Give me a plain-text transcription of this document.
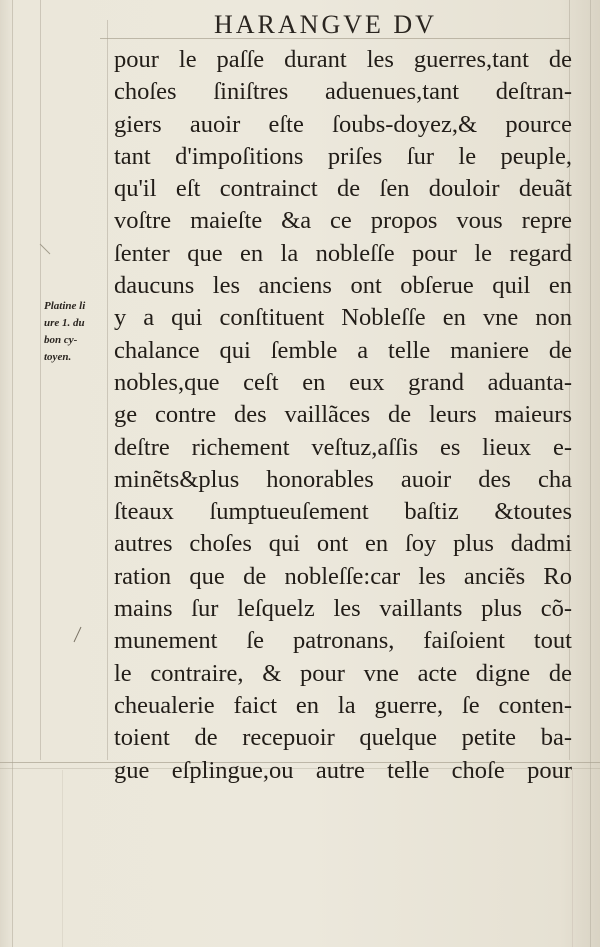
HARANGVE DV
Platine li
ure 1. du
bon cy-
toyen.
pour le paſſe durant les guerres,tant de
choſes ſiniſtres aduenues,tant deſtran-
giers auoir eſte ſoubs-doyez,& pource
tant d'impoſitions priſes ſur le peuple,
qu'il eſt contrainct de ſen douloir deuãt
voſtre maieſte &a ce propos vous repre
ſenter que en la nobleſſe pour le regard
daucuns les anciens ont obſerue quil en
y a qui conſtituent Nobleſſe en vne non
chalance qui ſemble a telle maniere de
nobles,que ceſt en eux grand aduanta-
ge contre des vaillãces de leurs maieurs
deſtre richement veſtuz,aſſis es lieux e-
minẽts&plus honorables auoir des cha
ſteaux ſumptueuſement baſtiz &toutes
autres choſes qui ont en ſoy plus dadmi
ration que de nobleſſe:car les anciẽs Ro
mains ſur leſquelz les vaillants plus cõ-
munement ſe patronans, faiſoient tout
le contraire, & pour vne acte digne de
cheualerie faict en la guerre, ſe conten-
toient de recepuoir quelque petite ba-
gue eſplingue,ou autre telle choſe pour
